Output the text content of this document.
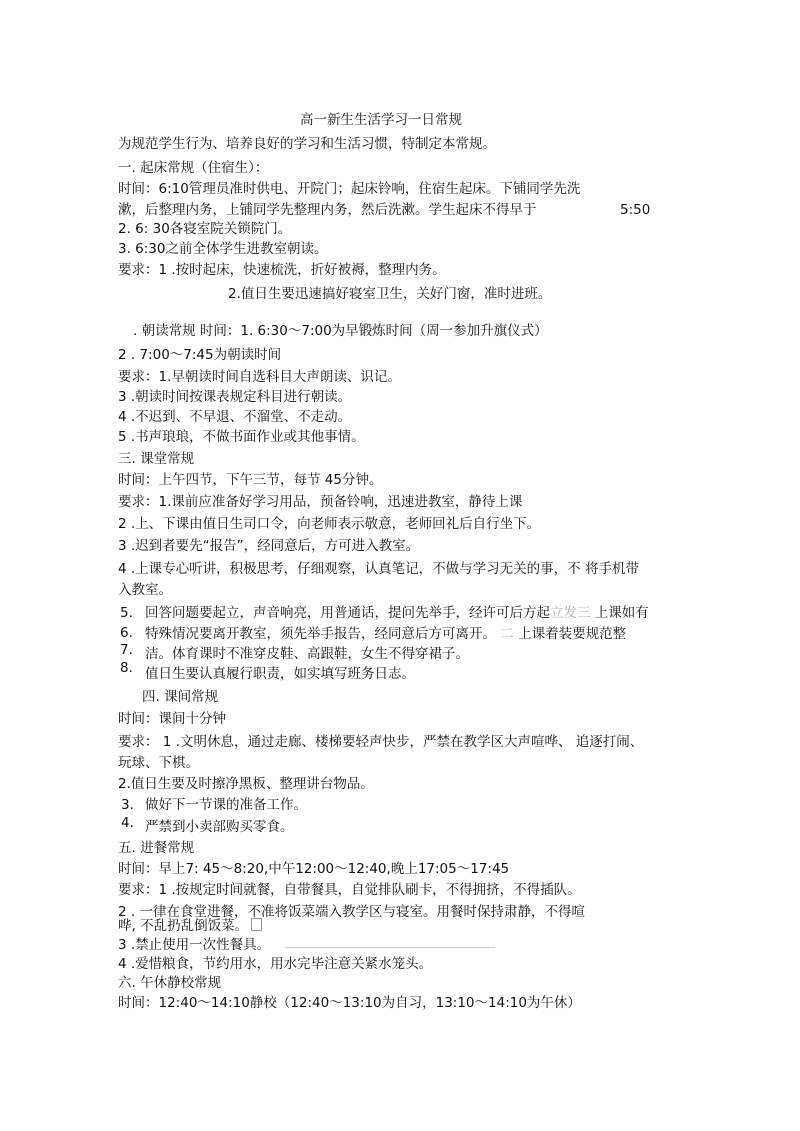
高一新生生活学习一日常规
为规范学生行为、培养良好的学习和生活习惯，特制定本常规。
一. 起床常规（住宿生）：
时间：6:10管理员准时供电、开院门；起床铃响，住宿生起床。下铺同学先洗
漱，后整理内务，上铺同学先整理内务，然后洗漱。学生起床不得早于	5:50
2. 6: 30各寝室院关锁院门。
3. 6:30之前全体学生进教室朝读。
要求：1 .按时起床，快速梳洗，折好被褥，整理内务。
2.值日生要迅速搞好寝室卫生，关好门窗，准时进班。
. 朝读常规 时间：1. 6:30～7:00为早锻炼时间（周一参加升旗仪式）
2 . 7:00～7:45为朝读时间
要求：1.早朝读时间自选科目大声朗读、识记。
3 .朝读时间按课表规定科目进行朝读。
4 .不迟到、不早退、不溜堂、不走动。
5 .书声琅琅，不做书面作业或其他事情。
三. 课堂常规
时间：上午四节，下午三节，每节 45分钟。
要求：1.课前应准备好学习用品，预备铃响，迅速进教室，静待上课
2 .上、下课由值日生司口令，向老师表示敬意，老师回礼后自行坐下。
3 .迟到者要先“报告”，经同意后，方可进入教室。
4 .上课专心听讲，积极思考，仔细观察，认真笔记，不做与学习无关的事，不 将手机带
入教室。
5. 回答问题要起立，声音响亮，用普通话，提问先举手，经许可后方起立发三 上课如有
6. 特殊情况要离开教室，须先举手报告，经同意后方可离开。 二 上课着装要规范整
7. 洁。体育课时不准穿皮鞋、高跟鞋，女生不得穿裙子。
8. 值日生要认真履行职责，如实填写班务日志。
四. 课间常规
时间：课间十分钟
要求： 1 .文明休息，通过走廊、楼梯要轻声快步，严禁在教学区大声喧哗、 追逐打闹、
玩球、下棋。
2.值日生要及时擦净黑板、整理讲台物品。
3. 做好下一节课的准备工作。
4. 严禁到小卖部购买零食。
五. 进餐常规
时间：早上7: 45～8:20,中午12:00～12:40,晚上17:05～17:45
要求：1 .按规定时间就餐，自带餐具，自觉排队刷卡，不得拥挤，不得插队。
2 . 一律在食堂进餐，不准将饭菜端入教学区与寝室。用餐时保持肃静，不得喧
哗, 不乱扔乱倒饭菜。
3 .禁止使用一次性餐具。
4 .爱惜粮食，节约用水，用水完毕注意关紧水笼头。
六. 午休静校常规
时间：12:40～14:10静校（12:40～13:10为自习，13:10～14:10为午休）
